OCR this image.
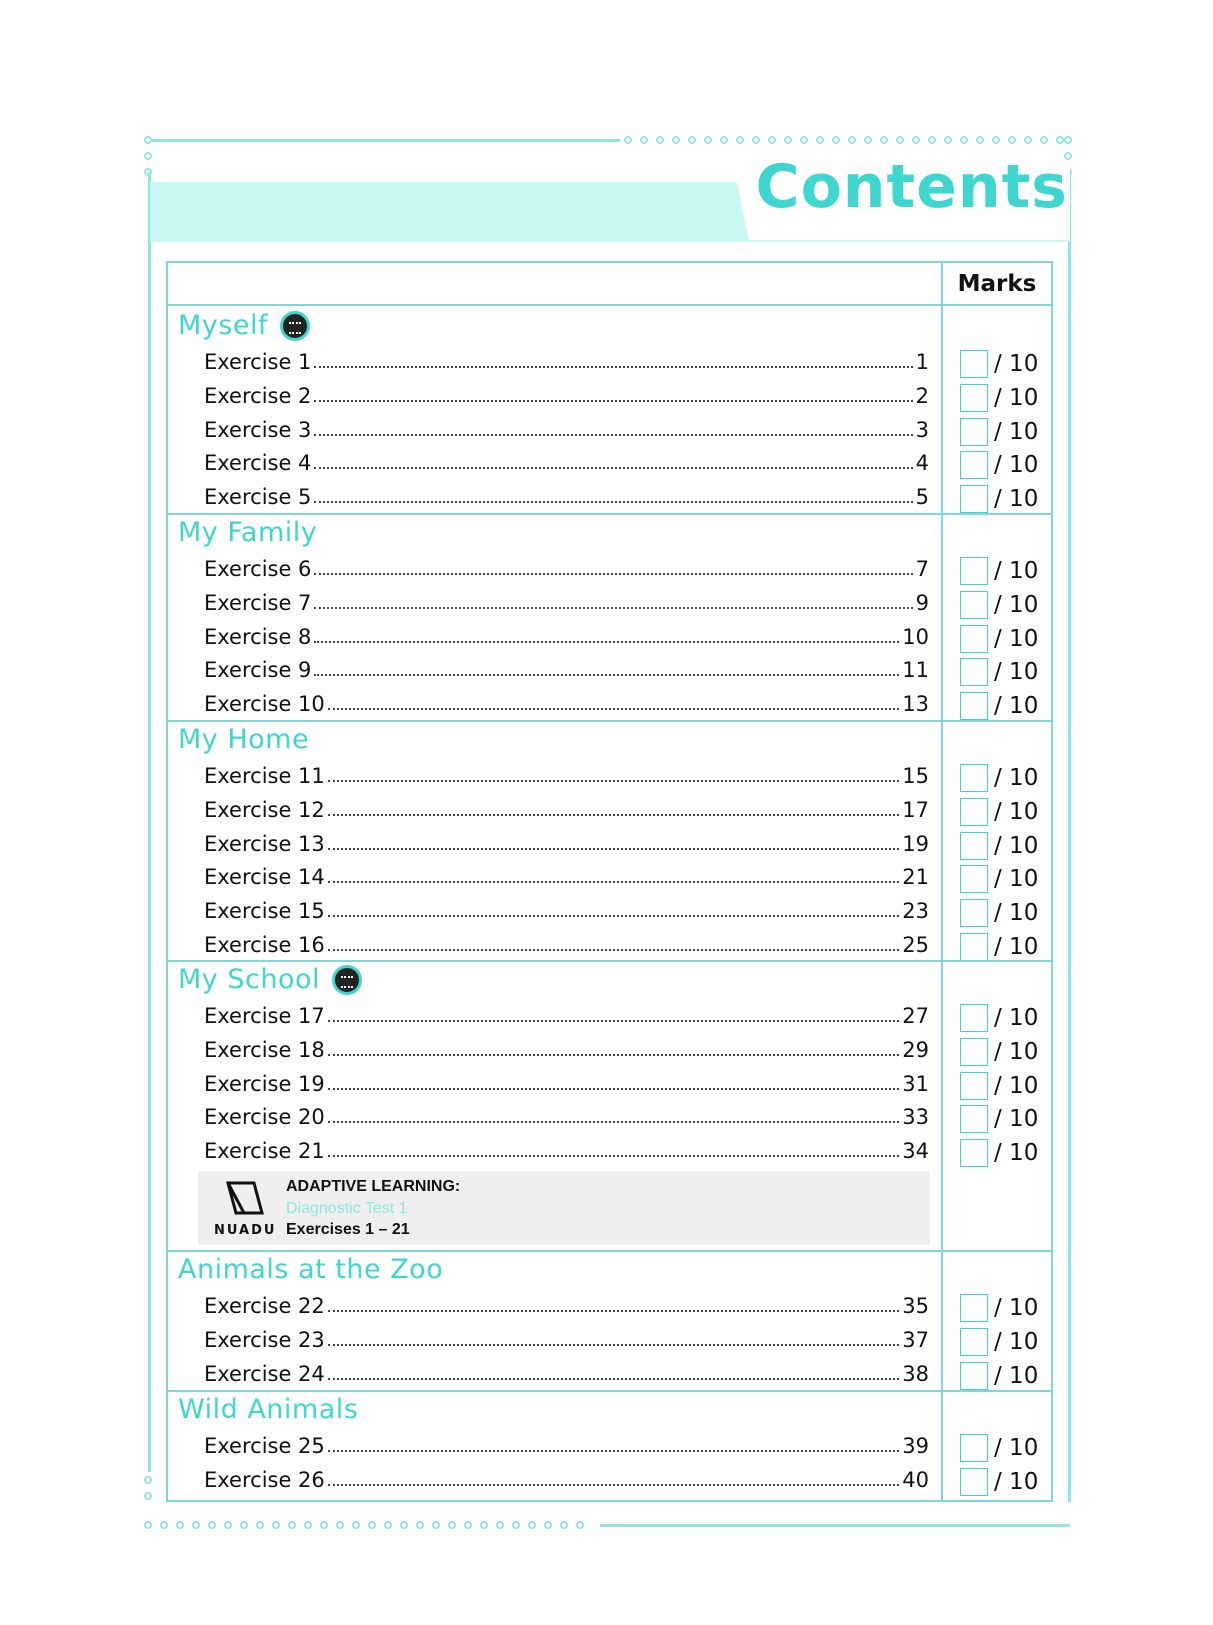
Contents
Marks
Myself
Exercise 1	1	/ 10
Exercise 2	2	/ 10
Exercise 3	3	/ 10
Exercise 4	4	/ 10
Exercise 5	5	/ 10
My Family
Exercise 6	7	/ 10
Exercise 7	9	/ 10
Exercise 8	10	/ 10
Exercise 9	11	/ 10
Exercise 10	13	/ 10
My Home
Exercise 11	15	/ 10
Exercise 12	17	/ 10
Exercise 13	19	/ 10
Exercise 14	21	/ 10
Exercise 15	23	/ 10
Exercise 16	25	/ 10
My School
Exercise 17	27	/ 10
Exercise 18	29	/ 10
Exercise 19	31	/ 10
Exercise 20	33	/ 10
Exercise 21	34	/ 10
NUADU
ADAPTIVE LEARNING:
Diagnostic Test 1
Exercises 1 – 21
Animals at the Zoo
Exercise 22	35	/ 10
Exercise 23	37	/ 10
Exercise 24	38	/ 10
Wild Animals
Exercise 25	39	/ 10
Exercise 26	40	/ 10
